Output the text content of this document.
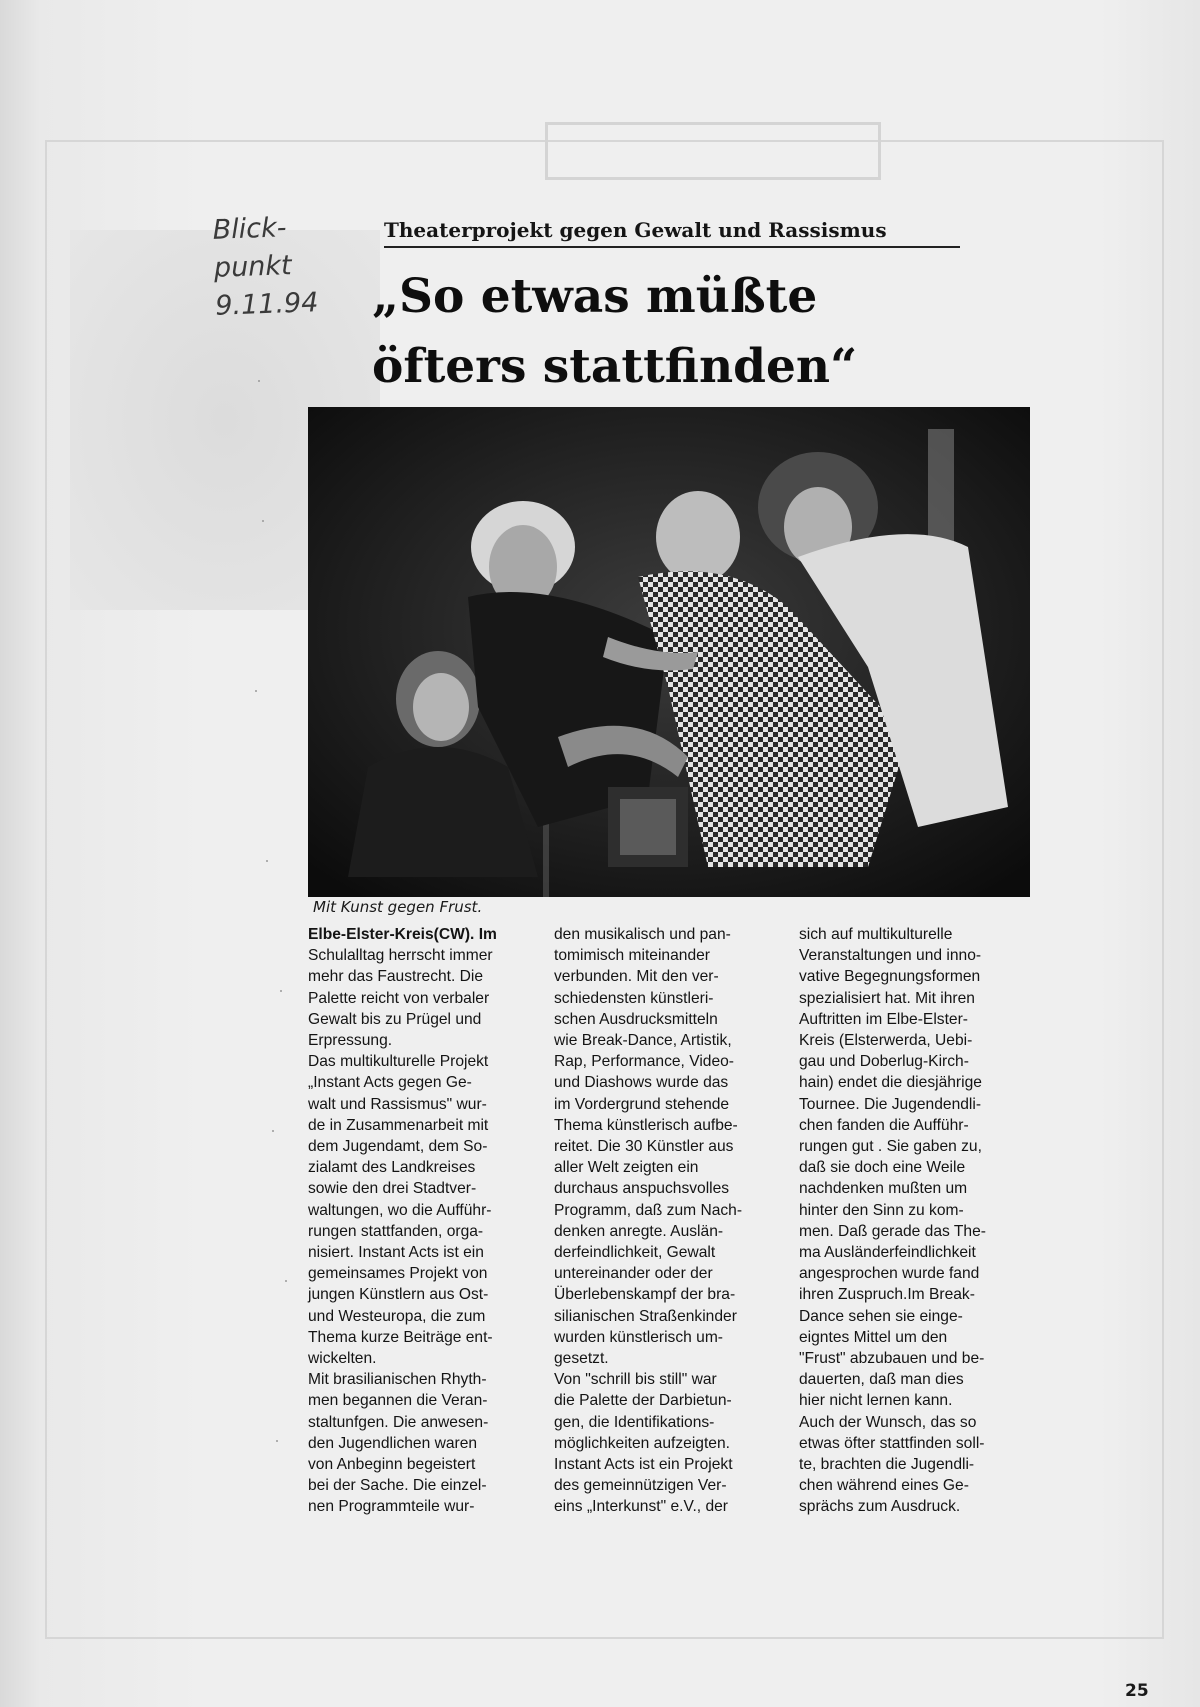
Blick-
punkt
9.11.94
Theaterprojekt gegen Gewalt und Rassismus
„So etwas müßte
öfters stattfinden“
Mit Kunst gegen Frust.
Elbe-Elster-Kreis(CW). Im
Schulalltag herrscht immer
mehr das Faustrecht. Die
Palette reicht von verbaler
Gewalt bis zu Prügel und
Erpressung.
Das multikulturelle Projekt
„Instant Acts gegen Ge-
walt und Rassismus" wur-
de in Zusammenarbeit mit
dem Jugendamt, dem So-
zialamt des Landkreises
sowie den drei Stadtver-
waltungen, wo die Aufführ-
rungen stattfanden, orga-
nisiert. Instant Acts ist ein
gemeinsames Projekt von
jungen Künstlern aus Ost-
und Westeuropa, die zum
Thema kurze Beiträge ent-
wickelten.
Mit brasilianischen Rhyth-
men begannen die Veran-
staltunfgen. Die anwesen-
den Jugendlichen waren
von Anbeginn begeistert
bei der Sache. Die einzel-
nen Programmteile wur-
den musikalisch und pan-
tomimisch miteinander
verbunden. Mit den ver-
schiedensten künstleri-
schen Ausdrucksmitteln
wie Break-Dance, Artistik,
Rap, Performance, Video-
und Diashows wurde das
im Vordergrund stehende
Thema künstlerisch aufbe-
reitet. Die 30 Künstler aus
aller Welt zeigten ein
durchaus anspuchsvolles
Programm, daß zum Nach-
denken anregte. Auslän-
derfeindlichkeit, Gewalt
untereinander oder der
Überlebenskampf der bra-
silianischen Straßenkinder
wurden künstlerisch um-
gesetzt.
Von "schrill bis still" war
die Palette der Darbietun-
gen, die Identifikations-
möglichkeiten aufzeigten.
Instant Acts ist ein Projekt
des gemeinnützigen Ver-
eins „Interkunst" e.V., der
sich auf multikulturelle
Veranstaltungen und inno-
vative Begegnungsformen
spezialisiert hat. Mit ihren
Auftritten im Elbe-Elster-
Kreis (Elsterwerda, Uebi-
gau und Doberlug-Kirch-
hain) endet die diesjährige
Tournee. Die Jugendendli-
chen fanden die Aufführ-
rungen gut . Sie gaben zu,
daß sie doch eine Weile
nachdenken mußten um
hinter den Sinn zu kom-
men. Daß gerade das The-
ma Ausländerfeindlichkeit
angesprochen wurde fand
ihren Zuspruch.Im Break-
Dance sehen sie einge-
eigntes Mittel um den
"Frust" abzubauen und be-
dauerten, daß man dies
hier nicht lernen kann.
Auch der Wunsch, das so
etwas öfter stattfinden soll-
te, brachten die Jugendli-
chen während eines Ge-
sprächs zum Ausdruck.
25
